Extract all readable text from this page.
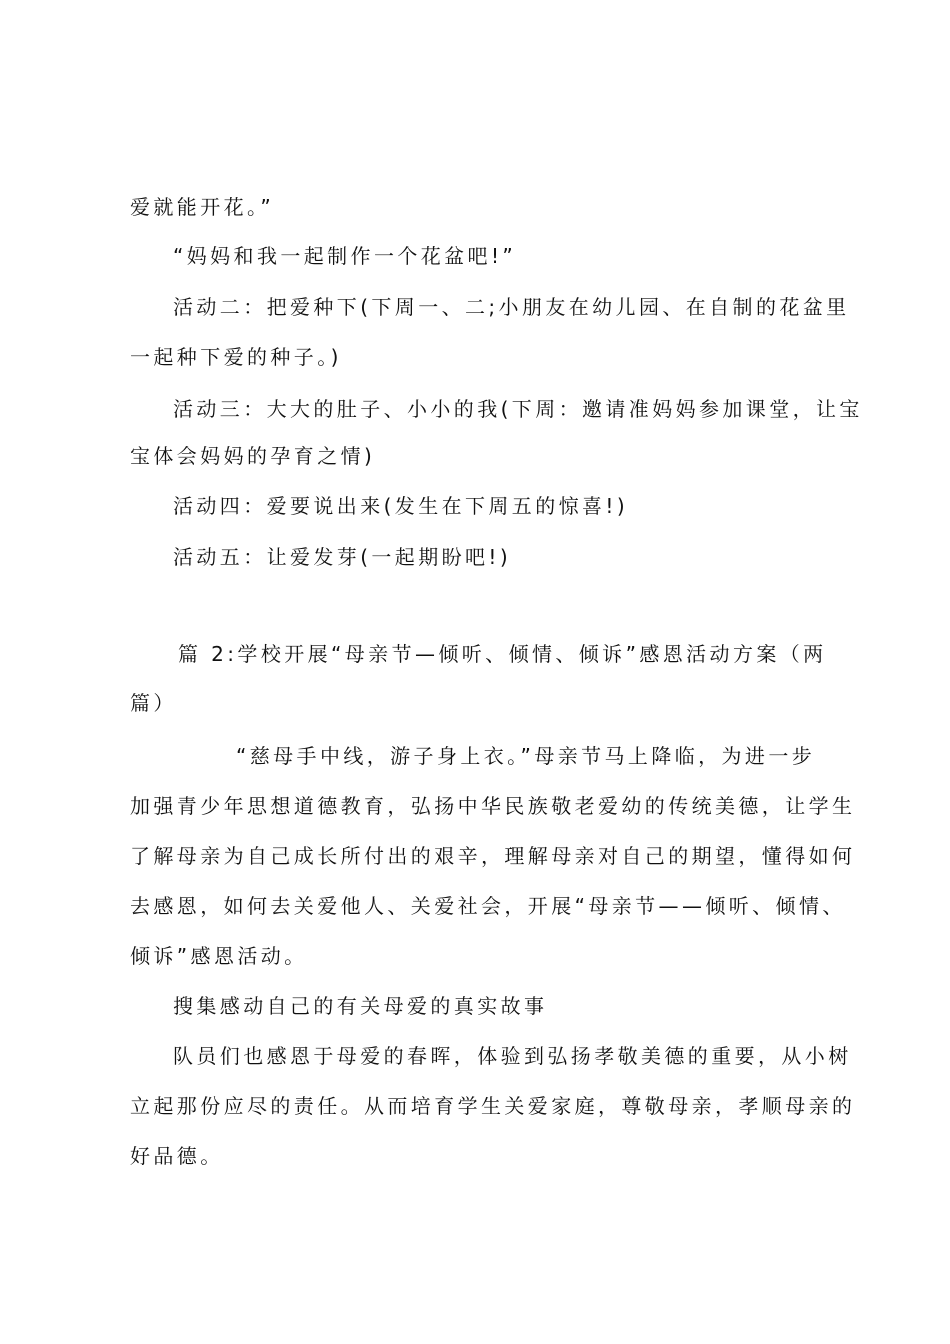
爱就能开花。”
“妈妈和我一起制作一个花盆吧!”
活动二：把爱种下(下周一、二;小朋友在幼儿园、在自制的花盆里
一起种下爱的种子。)
活动三：大大的肚子、小小的我(下周：邀请准妈妈参加课堂，让宝
宝体会妈妈的孕育之情)
活动四：爱要说出来(发生在下周五的惊喜!)
活动五：让爱发芽(一起期盼吧!)
篇 2:学校开展“母亲节—倾听、倾情、倾诉”感恩活动方案（两
篇）
“慈母手中线，游子身上衣。”母亲节马上降临，为进一步
加强青少年思想道德教育，弘扬中华民族敬老爱幼的传统美德，让学生
了解母亲为自己成长所付出的艰辛，理解母亲对自己的期望，懂得如何
去感恩，如何去关爱他人、关爱社会，开展“母亲节——倾听、倾情、
倾诉”感恩活动。
搜集感动自己的有关母爱的真实故事
队员们也感恩于母爱的春晖，体验到弘扬孝敬美德的重要，从小树
立起那份应尽的责任。从而培育学生关爱家庭，尊敬母亲，孝顺母亲的
好品德。
